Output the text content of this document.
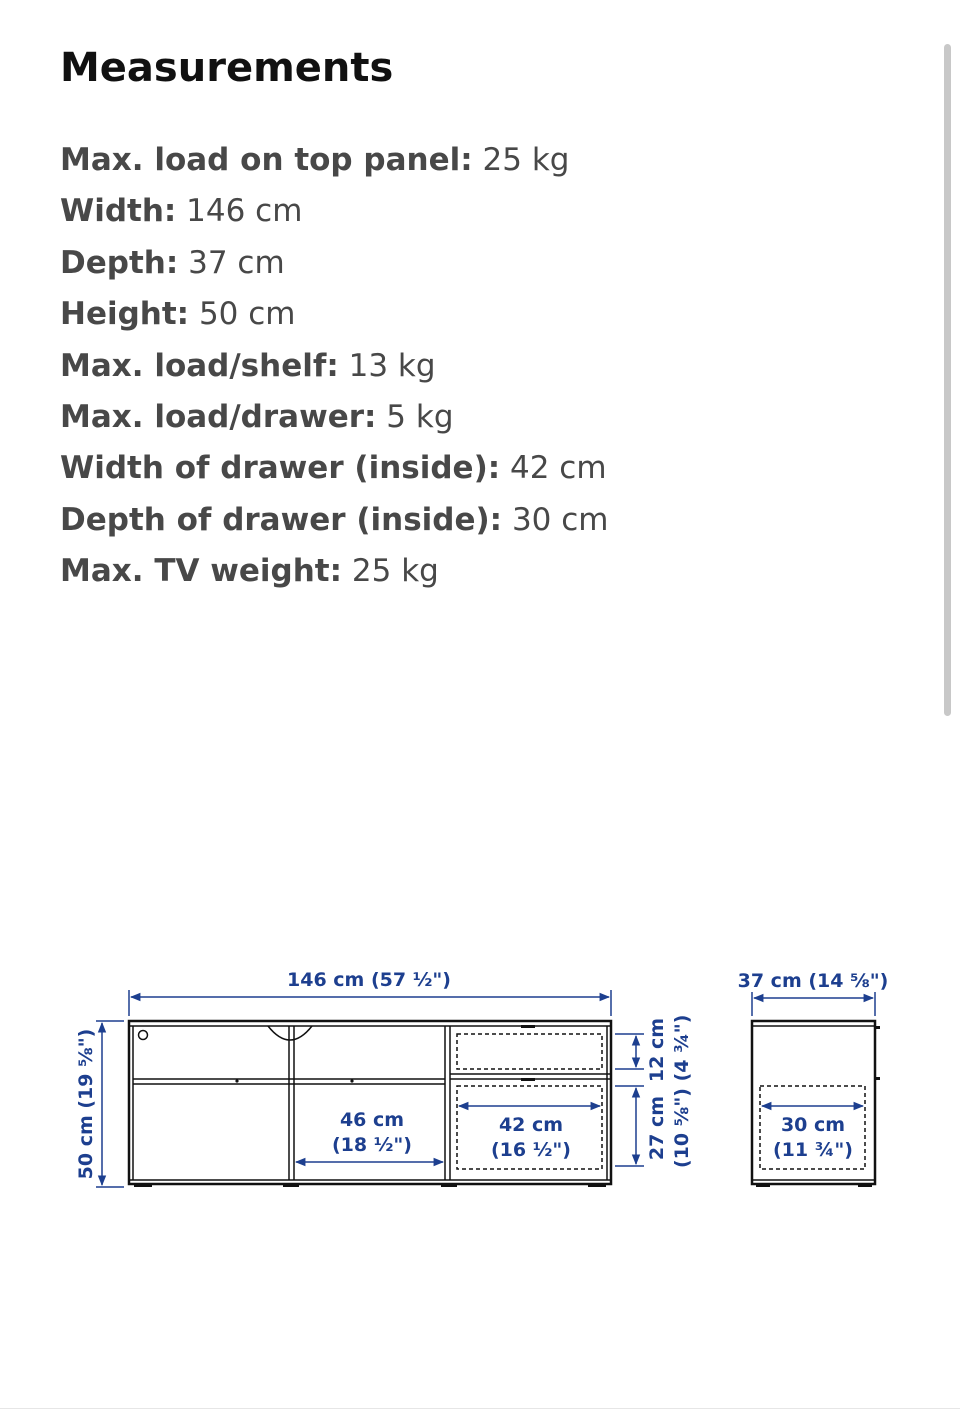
Measurements
Max. load on top panel: 25 kg
Width: 146 cm
Depth: 37 cm
Height: 50 cm
Max. load/shelf: 13 kg
Max. load/drawer: 5 kg
Width of drawer (inside): 42 cm
Depth of drawer (inside): 30 cm
Max. TV weight: 25 kg
146 cm (57 ½")
50 cm (19 ⅝")	46 cm
(18 ½")
42 cm
(16 ½")
12 cm (4 ¾")
27 cm (10 ⅝")
37 cm (14 ⅝")
30 cm
(11 ¾")
